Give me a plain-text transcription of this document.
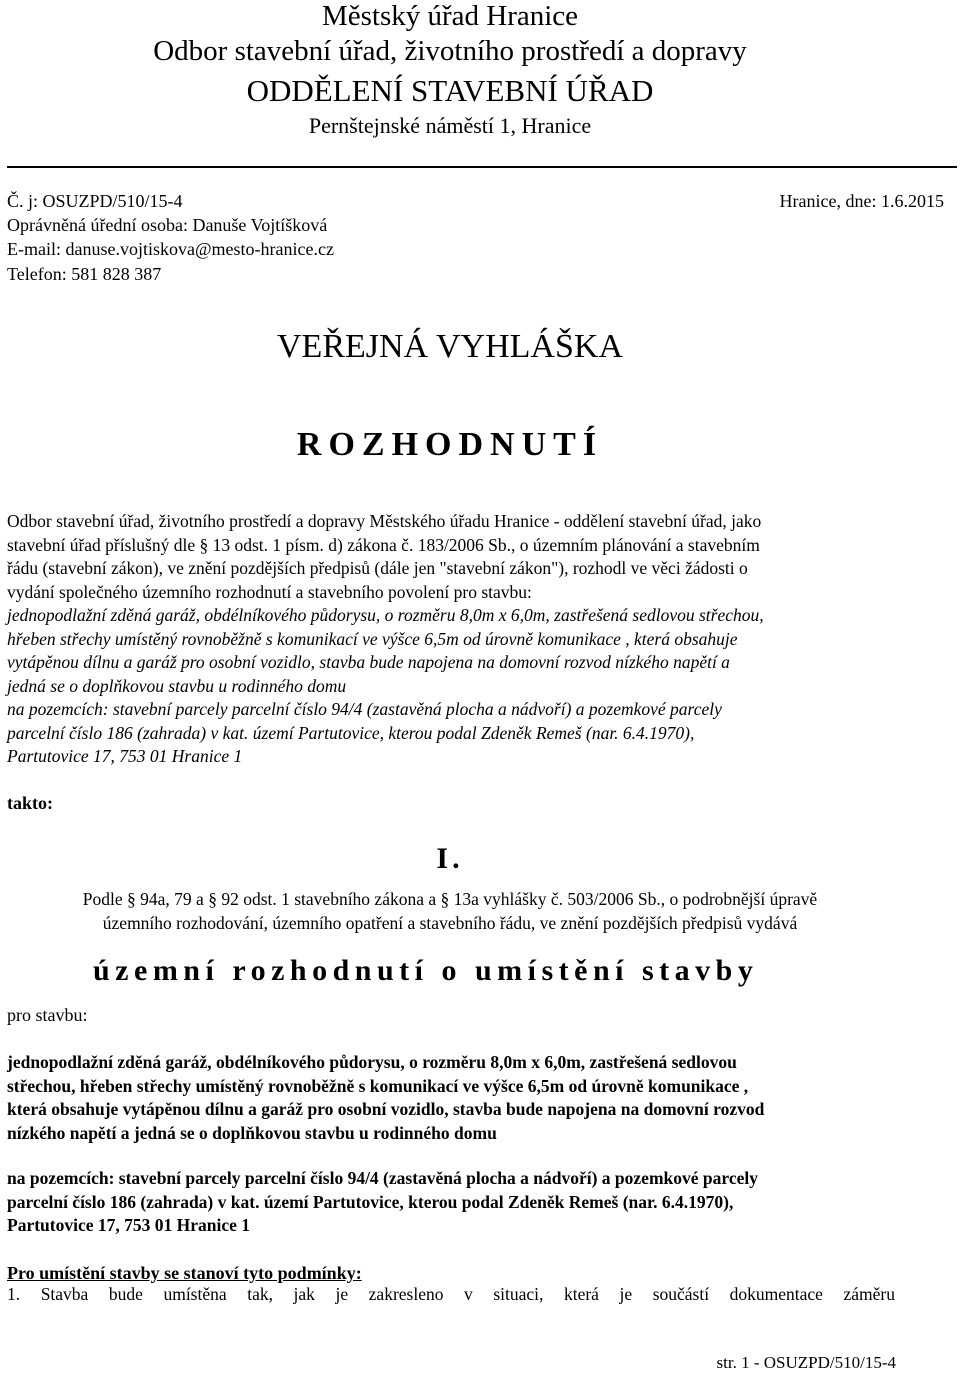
Městský úřad Hranice
Odbor stavební úřad, životního prostředí a dopravy
ODDĚLENÍ STAVEBNÍ ÚŘAD
Pernštejnské náměstí 1, Hranice
Č. j: OSUZPD/510/15-4	Hranice, dne: 1.6.2015
Oprávněná úřední osoba: Danuše Vojtíšková
E-mail: danuse.vojtiskova@mesto-hranice.cz
Telefon: 581 828 387
VEŘEJNÁ VYHLÁŠKA
ROZHODNUTÍ
Odbor stavební úřad, životního prostředí a dopravy Městského úřadu Hranice - oddělení stavební úřad, jako
stavební úřad příslušný dle § 13 odst. 1 písm. d) zákona č. 183/2006 Sb., o územním plánování a stavebním
řádu (stavební zákon), ve znění pozdějších předpisů (dále jen "stavební zákon"), rozhodl ve věci žádosti o
vydání společného územního rozhodnutí a stavebního povolení pro stavbu:
jednopodlažní zděná garáž, obdélníkového půdorysu, o rozměru 8,0m x 6,0m, zastřešená sedlovou střechou,
hřeben střechy umístěný rovnoběžně s komunikací ve výšce 6,5m od úrovně komunikace , která obsahuje
vytápěnou dílnu a garáž pro osobní vozidlo, stavba bude napojena na domovní rozvod nízkého napětí a
jedná se o doplňkovou stavbu u rodinného domu
na pozemcích: stavební parcely parcelní číslo 94/4 (zastavěná plocha a nádvoří) a pozemkové parcely
parcelní číslo 186 (zahrada) v kat. území Partutovice, kterou podal Zdeněk Remeš (nar. 6.4.1970),
Partutovice 17, 753 01 Hranice 1
takto:
I.
Podle § 94a, 79 a § 92 odst. 1 stavebního zákona a § 13a vyhlášky č. 503/2006 Sb., o podrobnější úpravě
územního rozhodování, územního opatření a stavebního řádu, ve znění pozdějších předpisů vydává
územní rozhodnutí o umístění stavby
pro stavbu:
jednopodlažní zděná garáž, obdélníkového půdorysu, o rozměru 8,0m x 6,0m, zastřešená sedlovou
střechou, hřeben střechy umístěný rovnoběžně s komunikací ve výšce 6,5m od úrovně komunikace ,
která obsahuje vytápěnou dílnu a garáž pro osobní vozidlo, stavba bude napojena na domovní rozvod
nízkého napětí a jedná se o doplňkovou stavbu u rodinného domu
na pozemcích: stavební parcely parcelní číslo 94/4 (zastavěná plocha a nádvoří) a pozemkové parcely
parcelní číslo 186 (zahrada) v kat. území Partutovice, kterou podal Zdeněk Remeš (nar. 6.4.1970),
Partutovice 17, 753 01 Hranice 1
Pro umístění stavby se stanoví tyto podmínky:
1. Stavba bude umístěna tak, jak je zakresleno v situaci, která je součástí dokumentace záměru
str. 1 - OSUZPD/510/15-4
